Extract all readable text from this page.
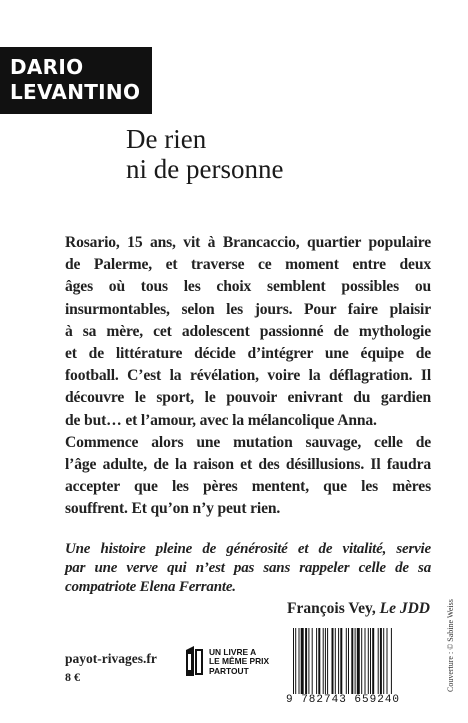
DARIO
LEVANTINO
De rien
ni de personne
Rosario, 15 ans, vit à Brancaccio, quartier populaire
de Palerme, et traverse ce moment entre deux
âges où tous les choix semblent possibles ou
insurmontables, selon les jours. Pour faire plaisir
à sa mère, cet adolescent passionné de mythologie
et de littérature décide d’intégrer une équipe de
football. C’est la révélation, voire la déflagration. Il
découvre le sport, le pouvoir enivrant du gardien
de but… et l’amour, avec la mélancolique Anna.
Commence alors une mutation sauvage, celle de
l’âge adulte, de la raison et des désillusions. Il faudra
accepter que les pères mentent, que les mères
souffrent. Et qu’on n’y peut rien.
Une histoire pleine de générosité et de vitalité, servie
par une verve qui n’est pas sans rappeler celle de sa
compatriote Elena Ferrante.
François Vey, Le JDD
payot-rivages.fr
8 €
UN LIVRE A
LE MÊME PRIX
PARTOUT
9 782743 659240
Couverture : © Sabine Weiss
